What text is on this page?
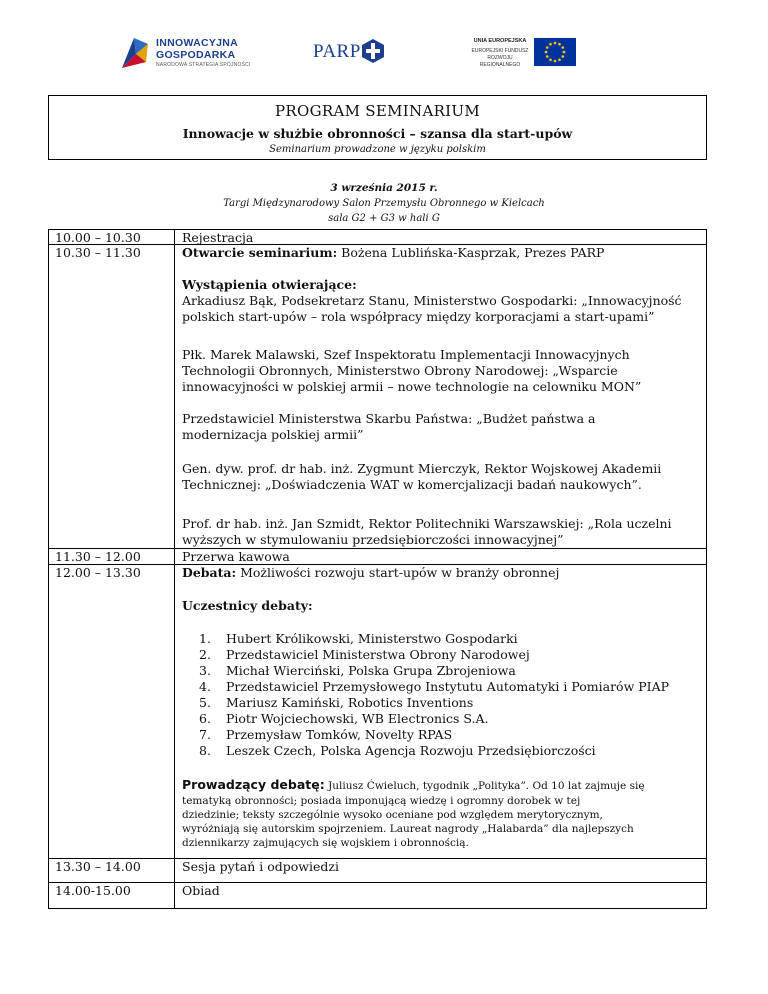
INNOWACYJNA
GOSPODARKA
NARODOWA STRATEGIA SPÓJNOŚCI
PARP	UNIA EUROPEJSKA
EUROPEJSKI FUNDUSZ
ROZWOJU REGIONALNEGO
PROGRAM SEMINARIUM
Innowacje w służbie obronności – szansa dla start-upów
Seminarium prowadzone w języku polskim
3 września 2015 r.
Targi Międzynarodowy Salon Przemysłu Obronnego w Kielcach
sala G2 + G3 w hali G
10.00 – 10.30
10.30 – 11.30
11.30 – 12.00
12.00 – 13.30
13.30 – 14.00
14.00-15.00
Rejestracja
Otwarcie seminarium: Bożena Lublińska-Kasprzak, Prezes PARP
Wystąpienia otwierające:
Arkadiusz Bąk, Podsekretarz Stanu, Ministerstwo Gospodarki: „Innowacyjność
polskich start-upów – rola współpracy między korporacjami a start-upami”
Płk. Marek Malawski, Szef Inspektoratu Implementacji Innowacyjnych
Technologii Obronnych, Ministerstwo Obrony Narodowej: „Wsparcie
innowacyjności w polskiej armii – nowe technologie na celowniku MON”
Przedstawiciel Ministerstwa Skarbu Państwa: „Budżet państwa a
modernizacja polskiej armii”
Gen. dyw. prof. dr hab. inż. Zygmunt Mierczyk, Rektor Wojskowej Akademii
Technicznej: „Doświadczenia WAT w komercjalizacji badań naukowych”.
Prof. dr hab. inż. Jan Szmidt, Rektor Politechniki Warszawskiej: „Rola uczelni
wyższych w stymulowaniu przedsiębiorczości innowacyjnej”
Przerwa kawowa
Debata: Możliwości rozwoju start-upów w branży obronnej
Uczestnicy debaty:
1. Hubert Królikowski, Ministerstwo Gospodarki
2. Przedstawiciel Ministerstwa Obrony Narodowej
3. Michał Wierciński, Polska Grupa Zbrojeniowa
4. Przedstawiciel Przemysłowego Instytutu Automatyki i Pomiarów PIAP
5. Mariusz Kamiński, Robotics Inventions
6. Piotr Wojciechowski, WB Electronics S.A.
7. Przemysław Tomków, Novelty RPAS
8. Leszek Czech, Polska Agencja Rozwoju Przedsiębiorczości
Prowadzący debatę: Juliusz Ćwieluch, tygodnik „Polityka”. Od 10 lat zajmuje się
tematyką obronności; posiada imponującą wiedzę i ogromny dorobek w tej
dziedzinie; teksty szczególnie wysoko oceniane pod względem merytorycznym,
wyróżniają się autorskim spojrzeniem. Laureat nagrody „Halabarda” dla najlepszych
dziennikarzy zajmujących się wojskiem i obronnością.
Sesja pytań i odpowiedzi
Obiad
